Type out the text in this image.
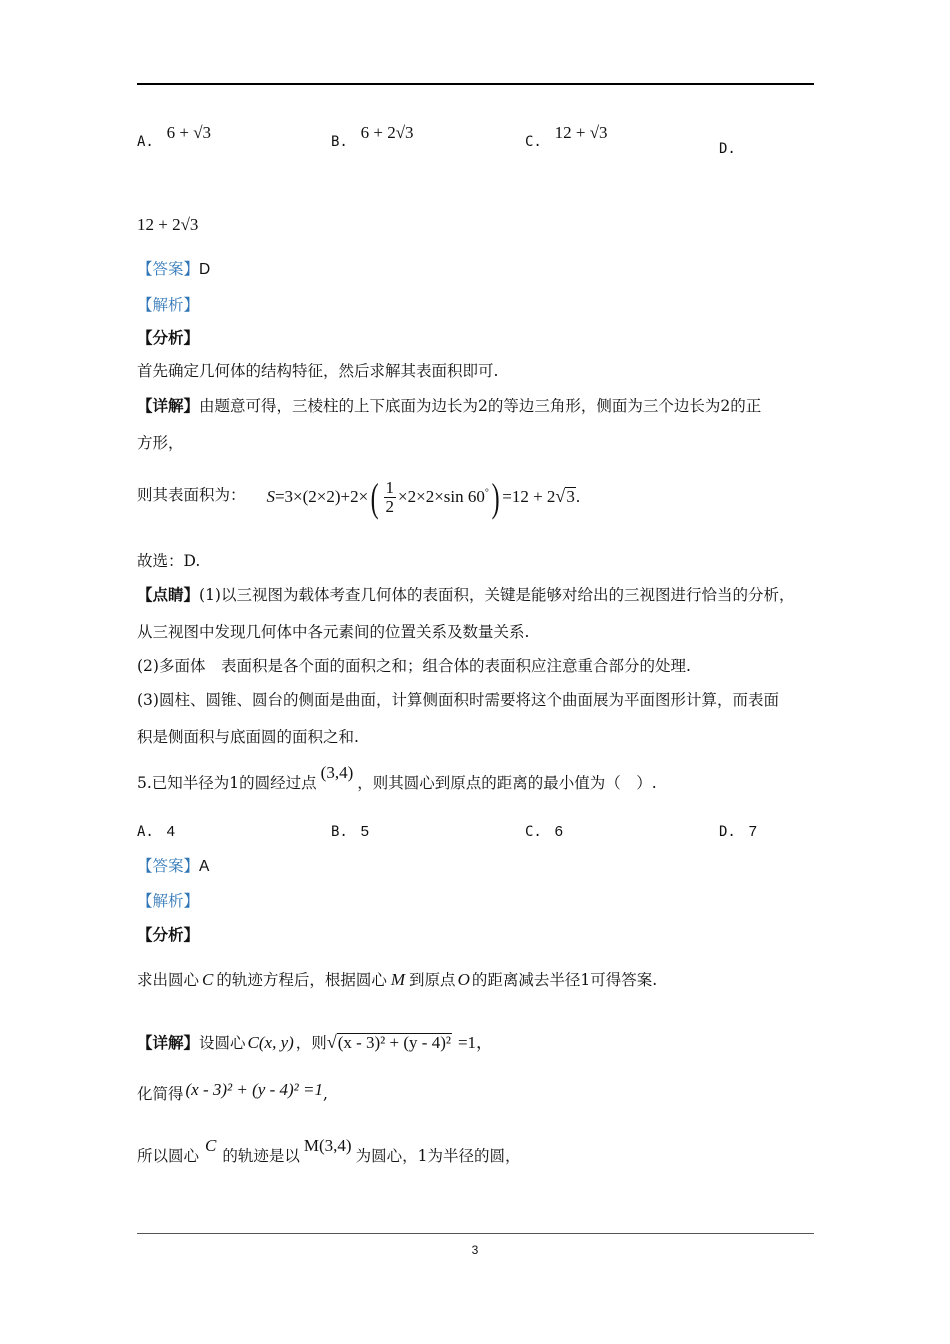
A. 6 + √3	B. 6 + 2√3	C. 12 + √3
D.
12 + 2√3
【答案】D
【解析】
【分析】
首先确定几何体的结构特征，然后求解其表面积即可.
【详解】由题意可得，三棱柱的上下底面为边长为2的等边三角形，侧面为三个边长为2的正
方形，
则其表面积为： $S=3\times(2\times 2)+2\times( \frac{1}{2} \times 2\times 2\times\sin$ 60°) =12 + 2√3.
故选：D.
【点睛】(1)以三视图为载体考查几何体的表面积，关键是能够对给出的三视图进行恰当的分析，
从三视图中发现几何体中各元素间的位置关系及数量关系.
(2)多面体　表面积是各个面的面积之和；组合体的表面积应注意重合部分的处理.
(3)圆柱、圆锥、圆台的侧面是曲面，计算侧面积时需要将这个曲面展为平面图形计算，而表面
积是侧面积与底面圆的面积之和.
5.已知半径为1的圆经过点(3,4)，则其圆心到原点的距离的最小值为（　）.
A. 4	B. 5	C. 6	D. 7
【答案】A
【解析】
【分析】
求出圆心 C 的轨迹方程后，根据圆心 M 到原点 O 的距离减去半径1可得答案.
【详解】设圆心 C(x, y) ，则√(x - 3)² + (y - 4)² =1，
化简得 (x - 3)² + (y - 4)² =1,
所以圆心C的轨迹是以M(3,4)为圆心，1为半径的圆，
3
